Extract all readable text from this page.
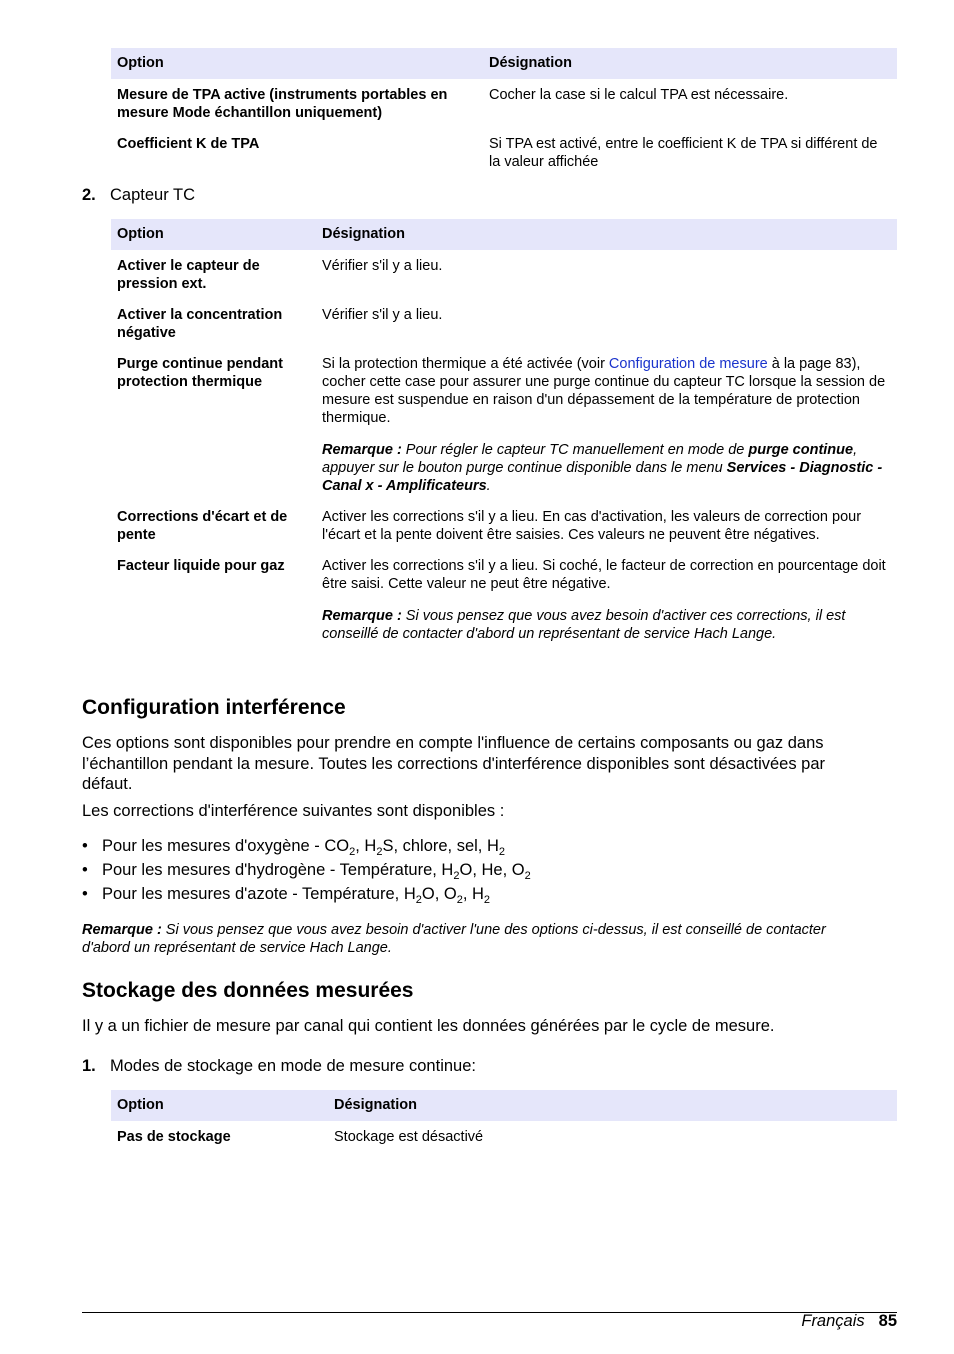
Option	Désignation
Mesure de TPA active (instruments portables en mesure Mode échantillon uniquement)	Cocher la case si le calcul TPA est nécessaire.
Coefficient K de TPA	Si TPA est activé, entre le coefficient K de TPA si différent de la valeur affichée
2. Capteur TC
Option	Désignation
Activer le capteur de pression ext.	Vérifier s'il y a lieu.
Activer la concentration négative	Vérifier s'il y a lieu.
Purge continue pendant protection thermique	Si la protection thermique a été activée (voir Configuration de mesure à la page 83), cocher cette case pour assurer une purge continue du capteur TC lorsque la session de mesure est suspendue en raison d'un dépassement de la température de protection thermique.

Remarque : Pour régler le capteur TC manuellement en mode de purge continue, appuyer sur le bouton purge continue disponible dans le menu Services - Diagnostic - Canal x - Amplificateurs.

Corrections d'écart et de pente	Activer les corrections s'il y a lieu. En cas d'activation, les valeurs de correction pour l'écart et la pente doivent être saisies. Ces valeurs ne peuvent être négatives.
Facteur liquide pour gaz	Activer les corrections s'il y a lieu. Si coché, le facteur de correction en pourcentage doit être saisi. Cette valeur ne peut être négative.

Remarque : Si vous pensez que vous avez besoin d'activer ces corrections, il est conseillé de contacter d'abord un représentant de service Hach Lange.

Configuration interférence

Ces options sont disponibles pour prendre en compte l'influence de certains composants ou gaz dans l’échantillon pendant la mesure. Toutes les corrections d'interférence disponibles sont désactivées par défaut.

Les corrections d'interférence suivantes sont disponibles :

• Pour les mesures d'oxygène - $CO_2$, $H_2S$, chlore, sel, $H_2$
• Pour les mesures d'hydrogène - Température, $H_2O$, He, $O_2$
• Pour les mesures d'azote - Température, $H_2O$, $O_2$, $H_2$

Remarque : Si vous pensez que vous avez besoin d'activer l'une des options ci-dessus, il est conseillé de contacter d'abord un représentant de service Hach Lange.

Stockage des données mesurées

Il y a un fichier de mesure par canal qui contient les données générées par le cycle de mesure.

1. Modes de stockage en mode de mesure continue:
Option	Désignation
Pas de stockage	Stockage est désactivé
Français 85
